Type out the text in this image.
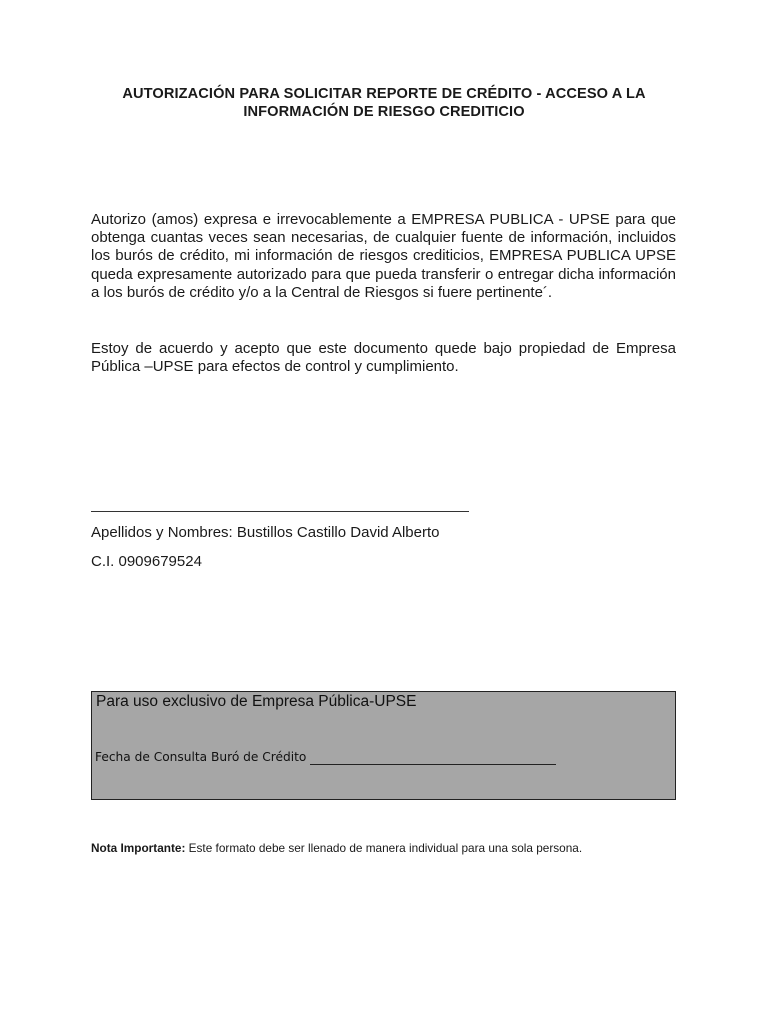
AUTORIZACIÓN PARA SOLICITAR REPORTE DE CRÉDITO - ACCESO A LA
INFORMACIÓN DE RIESGO CREDITICIO
Autorizo (amos) expresa e irrevocablemente a EMPRESA PUBLICA - UPSE para que obtenga cuantas veces sean necesarias, de cualquier fuente de información, incluidos los burós de crédito, mi información de riesgos crediticios, EMPRESA PUBLICA UPSE queda expresamente autorizado para que pueda transferir o entregar dicha información a los burós de crédito y/o a la Central de Riesgos si fuere pertinente´.
Estoy de acuerdo y acepto que este documento quede bajo propiedad de Empresa Pública –UPSE para efectos de control y cumplimiento.
Apellidos y Nombres: Bustillos Castillo David Alberto
C.I. 0909679524
Para uso exclusivo de Empresa Pública-UPSE
Fecha de Consulta Buró de Crédito
Nota Importante: Este formato debe ser llenado de manera individual para una sola persona.
